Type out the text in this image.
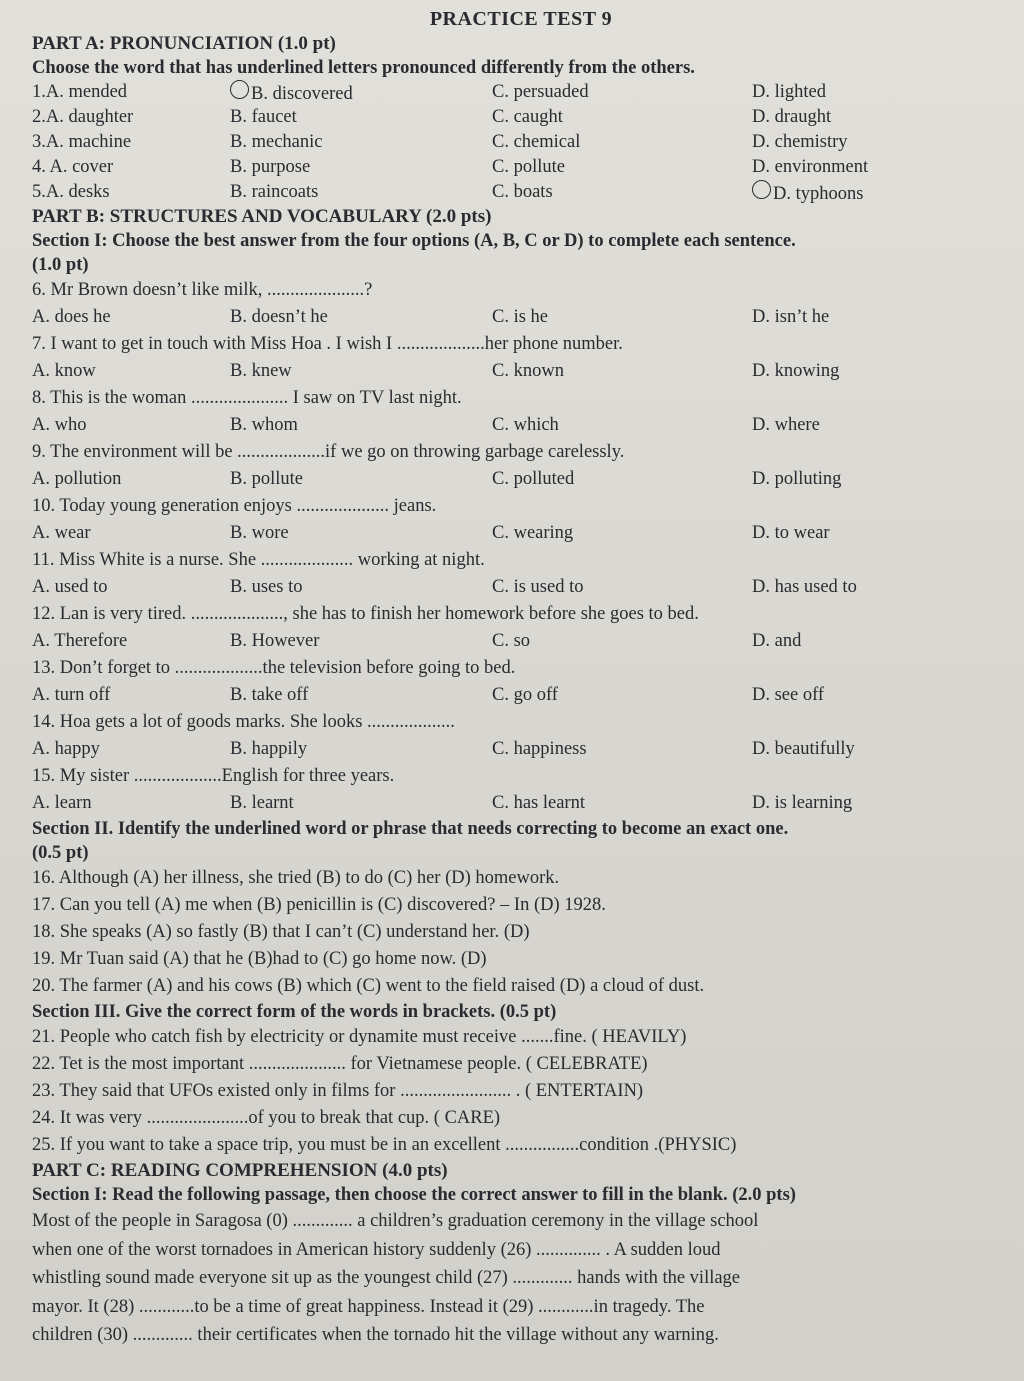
PRACTICE TEST 9
PART A: PRONUNCIATION (1.0 pt)
Choose the word that has underlined letters pronounced differently from the others.
1.A. mended	B. discovered	C. persuaded	D. lighted
2.A. daughter	B. faucet	C. caught	D. draught
3.A. machine	B. mechanic	C. chemical	D. chemistry
4. A. cover	B. purpose	C. pollute	D. environment
5.A. desks	B. raincoats	C. boats	D. typhoons
PART B: STRUCTURES AND VOCABULARY (2.0 pts)
Section I: Choose the best answer from the four options (A, B, C or D) to complete each sentence.
(1.0 pt)
6. Mr Brown doesn’t like milk, .....................?
A. does he	B. doesn’t he	C. is he	D. isn’t he
7. I want to get in touch with Miss Hoa . I wish I ...................her phone number.
A. know	B. knew	C. known	D. knowing
8. This is the woman ..................... I saw on TV last night.
A. who	B. whom	C. which	D. where
9. The environment will be ...................if we go on throwing garbage carelessly.
A. pollution	B. pollute	C. polluted	D. polluting
10. Today young generation enjoys .................... jeans.
A. wear	B. wore	C. wearing	D. to wear
11. Miss White is a nurse. She .................... working at night.
A. used to	B. uses to	C. is used to	D. has used to
12. Lan is very tired. ...................., she has to finish her homework before she goes to bed.
A. Therefore	B. However	C. so	D. and
13. Don’t forget to ...................the television before going to bed.
A. turn off	B. take off	C. go off	D. see off
14. Hoa gets a lot of goods marks. She looks ...................
A. happy	B. happily	C. happiness	D. beautifully
15. My sister ...................English for three years.
A. learn	B. learnt	C. has learnt	D. is learning
Section II. Identify the underlined word or phrase that needs correcting to become an exact one.
(0.5 pt)
16. Although (A) her illness, she tried (B) to do (C) her (D) homework.
17. Can you tell (A) me when (B) penicillin is (C) discovered? – In (D) 1928.
18. She speaks (A) so fastly (B) that I can’t (C) understand her. (D)
19. Mr Tuan said (A) that he (B)had to (C) go home now. (D)
20. The farmer (A) and his cows (B) which (C) went to the field raised (D) a cloud of dust.
Section III. Give the correct form of the words in brackets. (0.5 pt)
21. People who catch fish by electricity or dynamite must receive .......fine. ( HEAVILY)
22. Tet is the most important ..................... for Vietnamese people. ( CELEBRATE)
23. They said that UFOs existed only in films for ........................ . ( ENTERTAIN)
24. It was very ......................of you to break that cup. ( CARE)
25. If you want to take a space trip, you must be in an excellent ................condition .(PHYSIC)
PART C: READING COMPREHENSION (4.0 pts)
Section I: Read the following passage, then choose the correct answer to fill in the blank. (2.0 pts)
Most of the people in Saragosa (0) ............. a children’s graduation ceremony in the village school
when one of the worst tornadoes in American history suddenly (26) .............. . A sudden loud
whistling sound made everyone sit up as the youngest child (27) ............. hands with the village
mayor. It (28) ............to be a time of great happiness. Instead it (29) ............in tragedy. The
children (30) ............. their certificates when the tornado hit the village without any warning.
